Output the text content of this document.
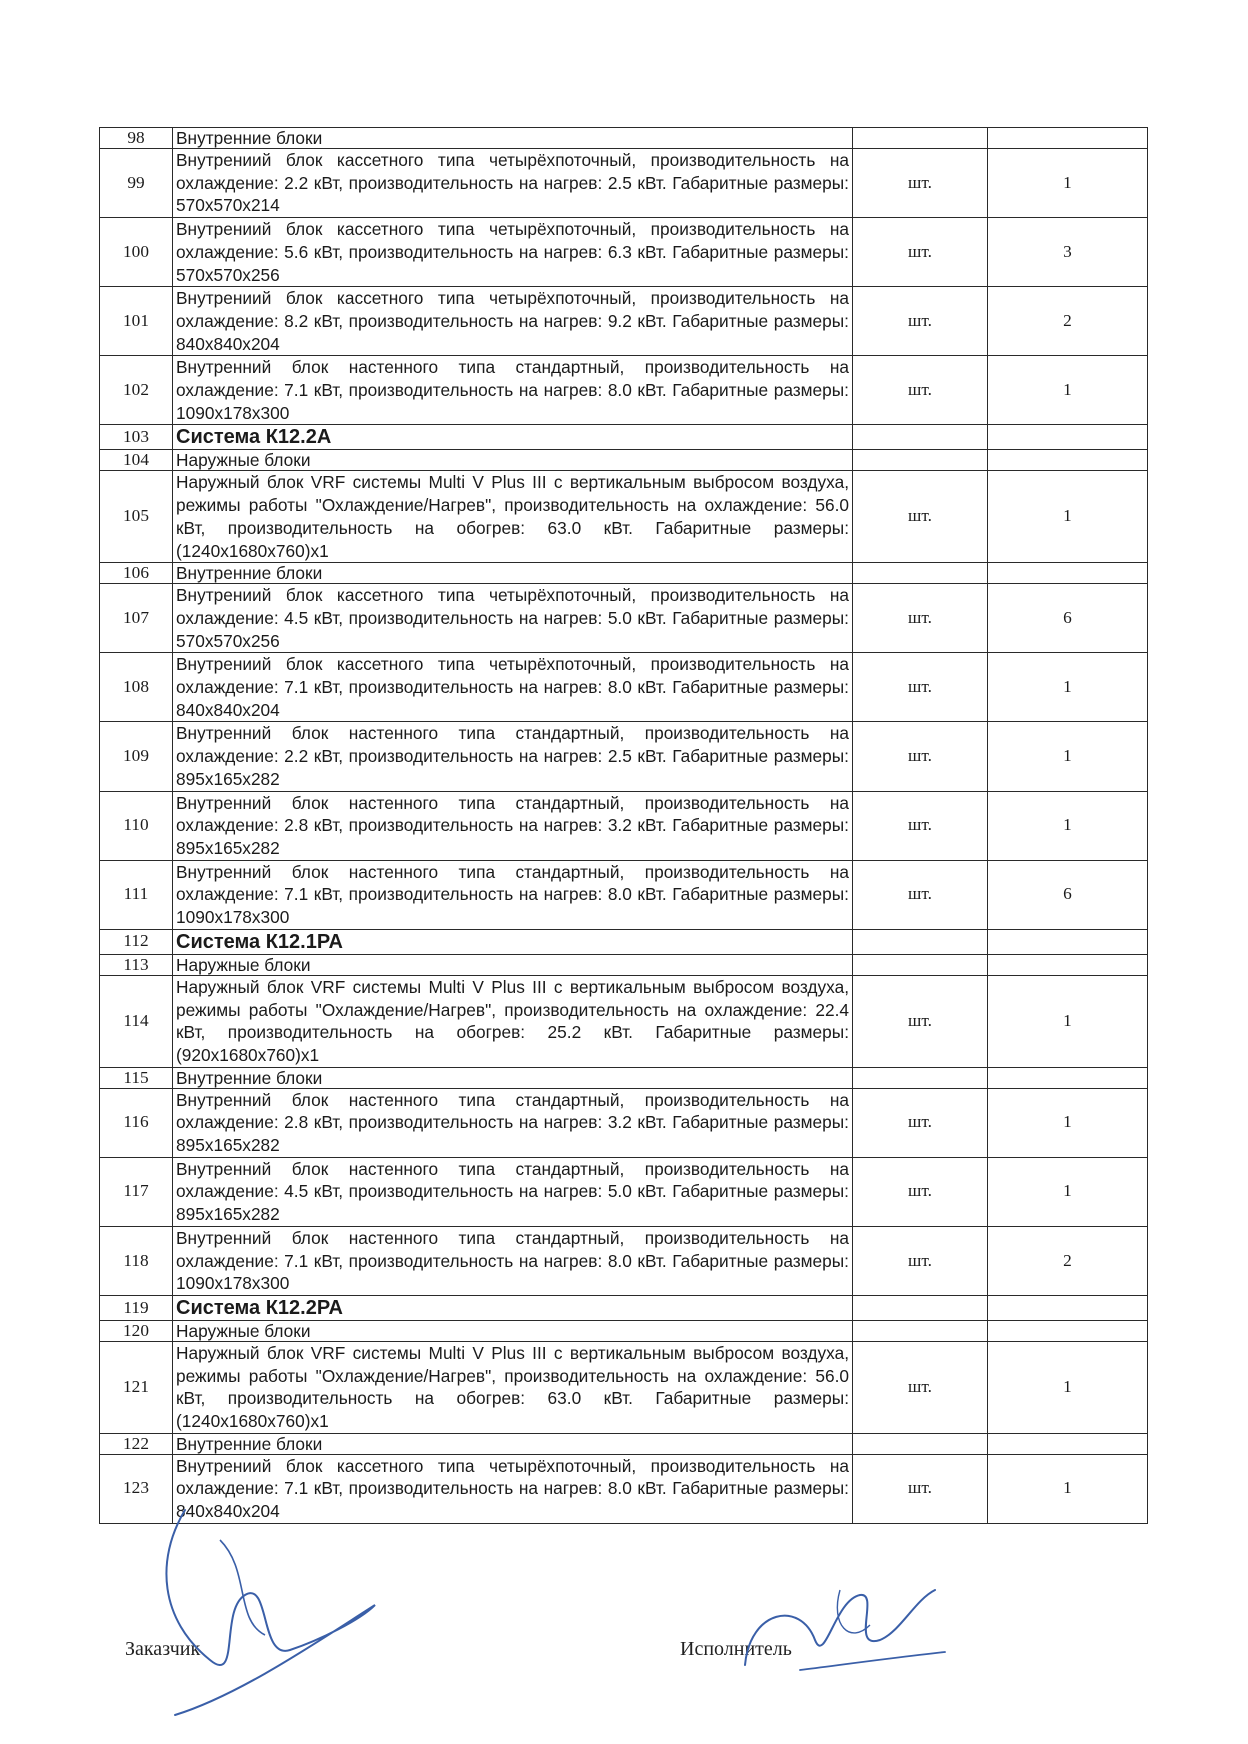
98	Внутренние блоки		
99	Внутрениий блок кассетного типа четырёхпоточный, производительность на охлаждение: 2.2 кВт, производительность на нагрев: 2.5 кВт. Габаритные размеры: 570x570x214	шт.	1
100	Внутрениий блок кассетного типа четырёхпоточный, производительность на охлаждение: 5.6 кВт, производительность на нагрев: 6.3 кВт. Габаритные размеры: 570x570x256	шт.	3
101	Внутрениий блок кассетного типа четырёхпоточный, производительность на охлаждение: 8.2 кВт, производительность на нагрев: 9.2 кВт. Габаритные размеры: 840x840x204	шт.	2
102	Внутренний блок настенного типа стандартный, производительность на охлаждение: 7.1 кВт, производительность на нагрев: 8.0 кВт. Габаритные размеры: 1090x178x300	шт.	1
103	Система К12.2А		
104	Наружные блоки		
105	Наружный блок VRF системы Multi V Plus III с вертикальным выбросом воздуха, режимы работы "Охлаждение/Нагрев", производительность на охлаждение: 56.0 кВт, производительность на обогрев: 63.0 кВт. Габаритные размеры: (1240x1680x760)x1	шт.	1
106	Внутренние блоки		
107	Внутрениий блок кассетного типа четырёхпоточный, производительность на охлаждение: 4.5 кВт, производительность на нагрев: 5.0 кВт. Габаритные размеры: 570x570x256	шт.	6
108	Внутрениий блок кассетного типа четырёхпоточный, производительность на охлаждение: 7.1 кВт, производительность на нагрев: 8.0 кВт. Габаритные размеры: 840x840x204	шт.	1
109	Внутренний блок настенного типа стандартный, производительность на охлаждение: 2.2 кВт, производительность на нагрев: 2.5 кВт. Габаритные размеры: 895x165x282	шт.	1
110	Внутренний блок настенного типа стандартный, производительность на охлаждение: 2.8 кВт, производительность на нагрев: 3.2 кВт. Габаритные размеры: 895x165x282	шт.	1
111	Внутренний блок настенного типа стандартный, производительность на охлаждение: 7.1 кВт, производительность на нагрев: 8.0 кВт. Габаритные размеры: 1090x178x300	шт.	6
112	Система К12.1РА		
113	Наружные блоки		
114	Наружный блок VRF системы Multi V Plus III с вертикальным выбросом воздуха, режимы работы "Охлаждение/Нагрев", производительность на охлаждение: 22.4 кВт, производительность на обогрев: 25.2 кВт. Габаритные размеры: (920x1680x760)x1	шт.	1
115	Внутренние блоки		
116	Внутренний блок настенного типа стандартный, производительность на охлаждение: 2.8 кВт, производительность на нагрев: 3.2 кВт. Габаритные размеры: 895x165x282	шт.	1
117	Внутренний блок настенного типа стандартный, производительность на охлаждение: 4.5 кВт, производительность на нагрев: 5.0 кВт. Габаритные размеры: 895x165x282	шт.	1
118	Внутренний блок настенного типа стандартный, производительность на охлаждение: 7.1 кВт, производительность на нагрев: 8.0 кВт. Габаритные размеры: 1090x178x300	шт.	2
119	Система К12.2РА		
120	Наружные блоки		
121	Наружный блок VRF системы Multi V Plus III с вертикальным выбросом воздуха, режимы работы "Охлаждение/Нагрев", производительность на охлаждение: 56.0 кВт, производительность на обогрев: 63.0 кВт. Габаритные размеры: (1240x1680x760)x1	шт.	1
122	Внутренние блоки		
123	Внутрениий блок кассетного типа четырёхпоточный, производительность на охлаждение: 7.1 кВт, производительность на нагрев: 8.0 кВт. Габаритные размеры: 840x840x204	шт.	1
Заказчик	Исполнитель
